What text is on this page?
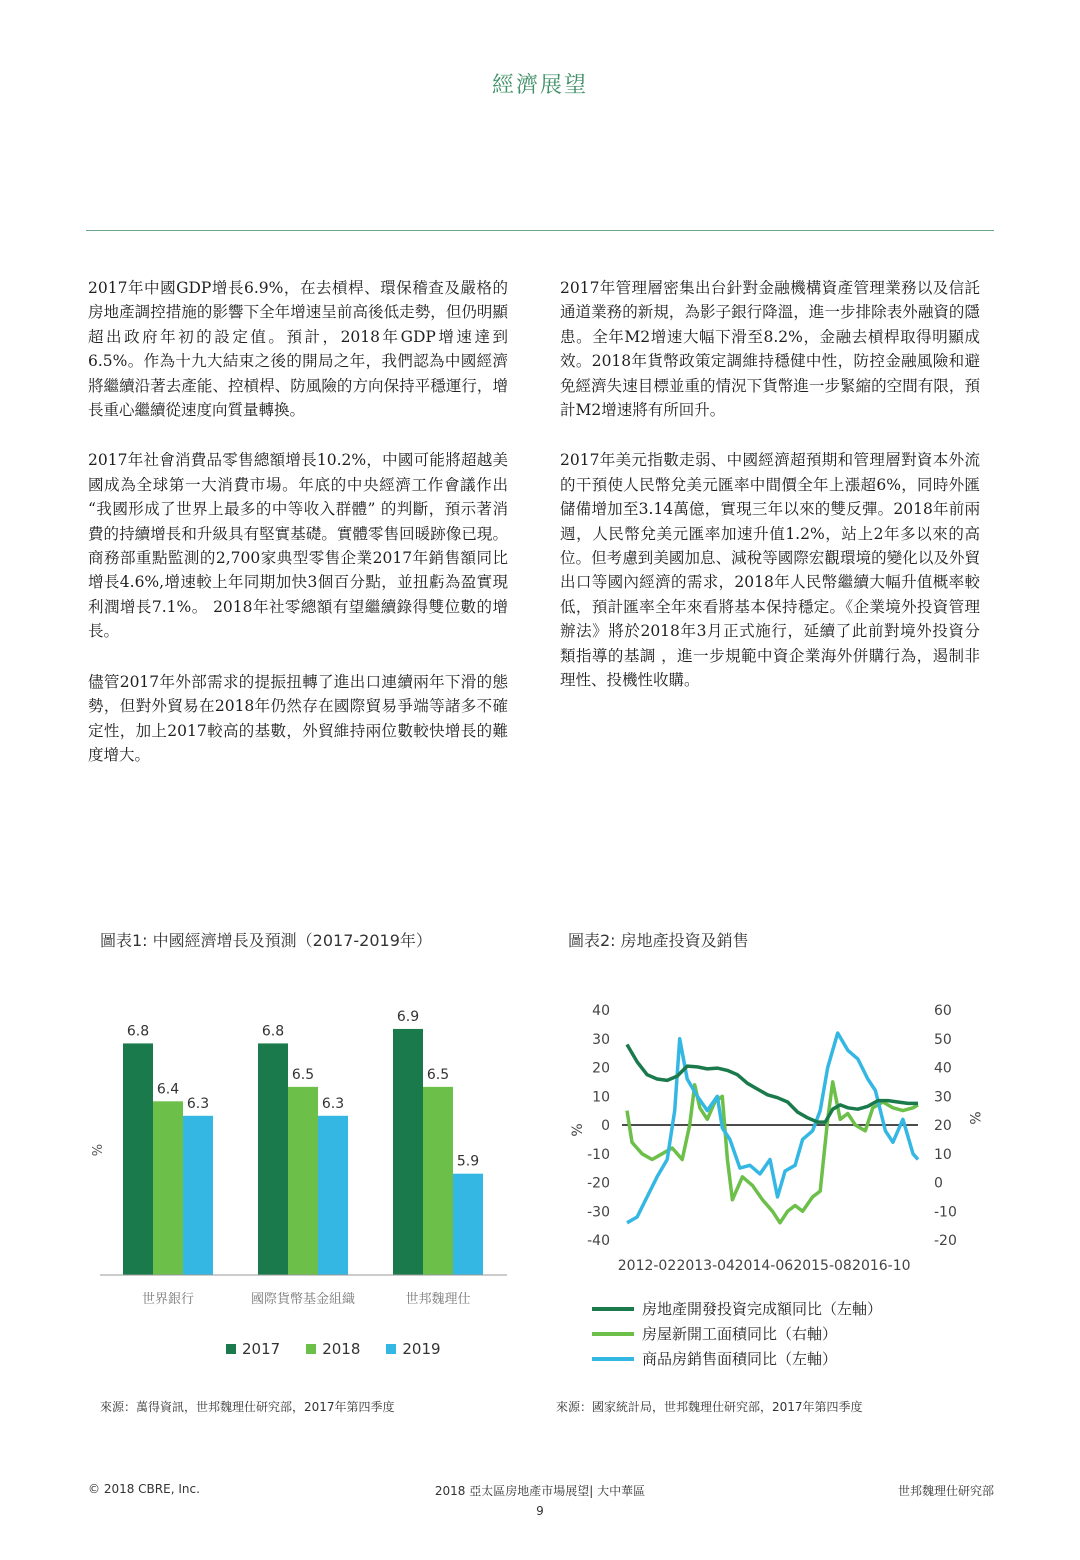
經濟展望

2017年中國GDP增長6.9%，在去槓桿、環保稽查及嚴格的房地產調控措施的影響下全年增速呈前高後低走勢，但仍明顯超出政府年初的設定值。預計，2018年GDP增速達到6.5%。作為十九大結束之後的開局之年，我們認為中國經濟將繼續沿著去產能、控槓桿、防風險的方向保持平穩運行，增長重心繼續從速度向質量轉換。

2017年社會消費品零售總額增長10.2%，中國可能將超越美國成為全球第一大消費市場。年底的中央經濟工作會議作出 “我國形成了世界上最多的中等收入群體” 的判斷，預示著消費的持續增長和升級具有堅實基礎。實體零售回暖跡像已現。商務部重點監測的2,700家典型零售企業2017年銷售額同比增長4.6%,增速較上年同期加快3個百分點，並扭虧為盈實現利潤增長7.1%。 2018年社零總額有望繼續錄得雙位數的增長。

儘管2017年外部需求的提振扭轉了進出口連續兩年下滑的態勢，但對外貿易在2018年仍然存在國際貿易爭端等諸多不確定性，加上2017較高的基數，外貿維持兩位數較快增長的難度增大。

2017年管理層密集出台針對金融機構資產管理業務以及信託通道業務的新規，為影子銀行降溫，進一步排除表外融資的隱患。全年M2增速大幅下滑至8.2%，金融去槓桿取得明顯成效。2018年貨幣政策定調維持穩健中性，防控金融風險和避免經濟失速目標並重的情況下貨幣進一步緊縮的空間有限，預計M2增速將有所回升。

2017年美元指數走弱、中國經濟超預期和管理層對資本外流的干預使人民幣兌美元匯率中間價全年上漲超6%，同時外匯儲備增加至3.14萬億，實現三年以來的雙反彈。2018年前兩週，人民幣兌美元匯率加速升值1.2%，站上2年多以來的高位。但考慮到美國加息、減稅等國際宏觀環境的變化以及外貿出口等國內經濟的需求，2018年人民幣繼續大幅升值概率較低，預計匯率全年來看將基本保持穩定。《企業境外投資管理辦法》將於2018年3月正式施行，延續了此前對境外投資分類指導的基調 ，進一步規範中資企業海外併購行為，遏制非理性、投機性收購。

圖表1: 中國經濟增長及預測（2017-2019年）
%
6.8
6.4
6.3
世界銀行
6.8
6.5
6.3
國際貨幣基金組織
6.9
6.5
5.9
世邦魏理仕
2017	2018	2019
來源：萬得資訊，世邦魏理仕研究部，2017年第四季度
圖表2: 房地產投資及銷售
40
30
20
10
0
-10
-20
-30
-40
60
50
40
30
20
10
0
-10
-20
%
%
2012-02 2013-04 2014-06 2015-08 2016-10
房地產開發投資完成額同比（左軸）
房屋新開工面積同比（右軸）
商品房銷售面積同比（左軸）
來源：國家統計局，世邦魏理仕研究部，2017年第四季度
© 2018 CBRE, Inc.	2018 亞太區房地產市場展望| 大中華區	世邦魏理仕研究部
9
